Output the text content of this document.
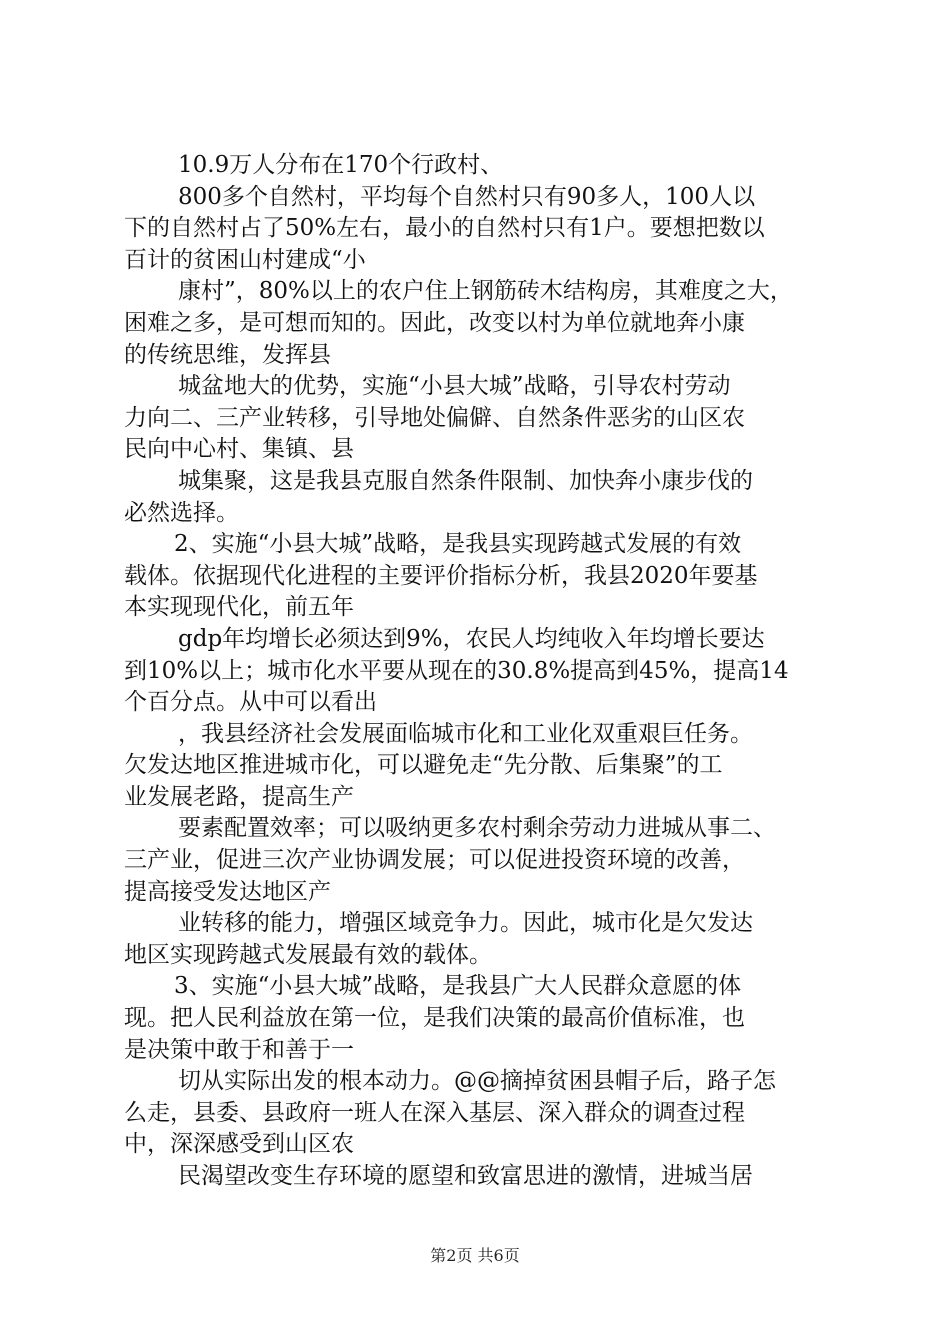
10.9万人分布在170个行政村、
800多个自然村，平均每个自然村只有90多人，100人以
下的自然村占了50%左右，最小的自然村只有1户。要想把数以
百计的贫困山村建成“小
康村”，80%以上的农户住上钢筋砖木结构房，其难度之大，
困难之多，是可想而知的。因此，改变以村为单位就地奔小康
的传统思维，发挥县
城盆地大的优势，实施“小县大城”战略，引导农村劳动
力向二、三产业转移，引导地处偏僻、自然条件恶劣的山区农
民向中心村、集镇、县
城集聚，这是我县克服自然条件限制、加快奔小康步伐的
必然选择。
2、实施“小县大城”战略，是我县实现跨越式发展的有效
载体。依据现代化进程的主要评价指标分析，我县2020年要基
本实现现代化，前五年
gdp年均增长必须达到9%，农民人均纯收入年均增长要达
到10%以上；城市化水平要从现在的30.8%提高到45%，提高14
个百分点。从中可以看出
，我县经济社会发展面临城市化和工业化双重艰巨任务。
欠发达地区推进城市化，可以避免走“先分散、后集聚”的工
业发展老路，提高生产
要素配置效率；可以吸纳更多农村剩余劳动力进城从事二、
三产业，促进三次产业协调发展；可以促进投资环境的改善，
提高接受发达地区产
业转移的能力，增强区域竞争力。因此，城市化是欠发达
地区实现跨越式发展最有效的载体。
3、实施“小县大城”战略，是我县广大人民群众意愿的体
现。把人民利益放在第一位，是我们决策的最高价值标准，也
是决策中敢于和善于一
切从实际出发的根本动力。@@摘掉贫困县帽子后，路子怎
么走，县委、县政府一班人在深入基层、深入群众的调查过程
中，深深感受到山区农
民渴望改变生存环境的愿望和致富思进的激情，进城当居
第2页 共6页
